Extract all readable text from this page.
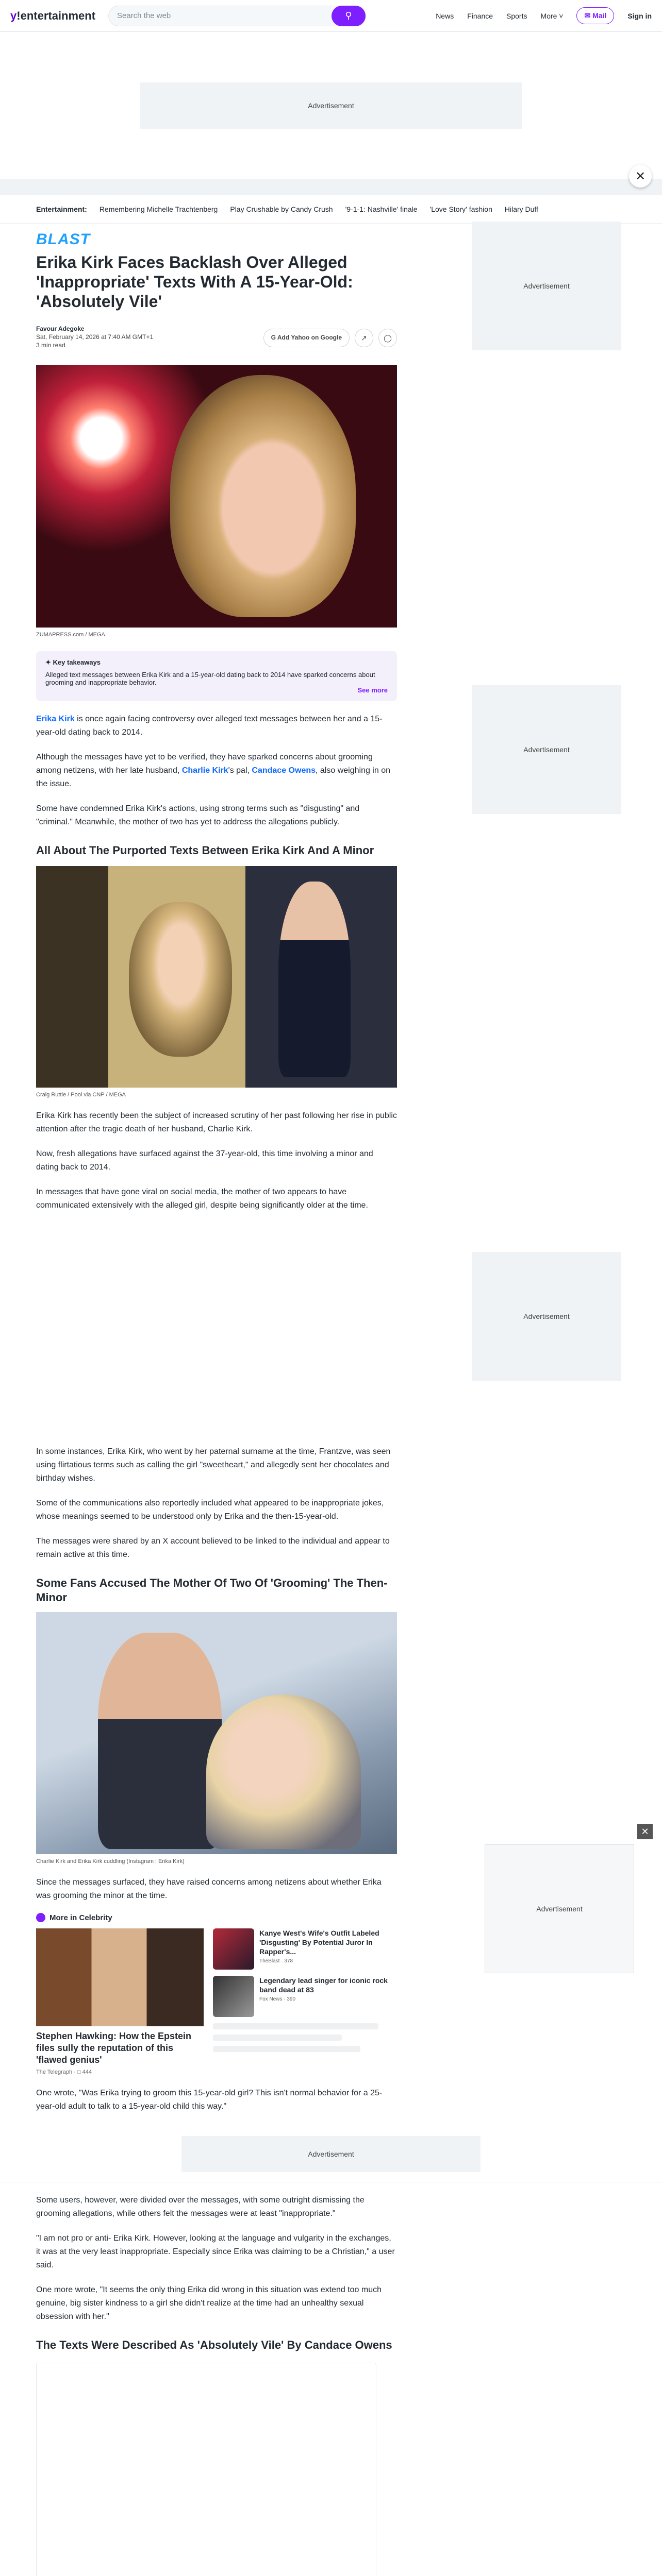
y!entertainment	Search the web	⚲	News Finance Sports More ˅	✉ Mail	Sign in
Advertisement
Entertainment: Remembering Michelle Trachtenberg Play Crushable by Candy Crush '9-1-1: Nashville' finale 'Love Story' fashion Hilary Duff
✕
BLAST
Erika Kirk Faces Backlash Over Alleged 'Inappropriate' Texts With A 15-Year-Old: 'Absolutely Vile'
Favour Adegoke
Sat, February 14, 2026 at 7:40 AM GMT+1
3 min read
G Add Yahoo on Google	↗	◯
ZUMAPRESS.com / MEGA
✦ Key takeaways
Alleged text messages between Erika Kirk and a 15-year-old dating back to 2014 have sparked concerns about grooming and inappropriate behavior.
See more

Erika Kirk is once again facing controversy over alleged text messages between her and a 15-year-old dating back to 2014.

Although the messages have yet to be verified, they have sparked concerns about grooming among netizens, with her late husband, Charlie Kirk's pal, Candace Owens, also weighing in on the issue.

Some have condemned Erika Kirk's actions, using strong terms such as "disgusting" and "criminal." Meanwhile, the mother of two has yet to address the allegations publicly.

All About The Purported Texts Between Erika Kirk And A Minor
Craig Ruttle / Pool via CNP / MEGA

Erika Kirk has recently been the subject of increased scrutiny of her past following her rise in public attention after the tragic death of her husband, Charlie Kirk.

Now, fresh allegations have surfaced against the 37-year-old, this time involving a minor and dating back to 2014.

In messages that have gone viral on social media, the mother of two appears to have communicated extensively with the alleged girl, despite being significantly older at the time.

In some instances, Erika Kirk, who went by her paternal surname at the time, Frantzve, was seen using flirtatious terms such as calling the girl "sweetheart," and allegedly sent her chocolates and birthday wishes.

Some of the communications also reportedly included what appeared to be inappropriate jokes, whose meanings seemed to be understood only by Erika and the then-15-year-old.

The messages were shared by an X account believed to be linked to the individual and appear to remain active at this time.

Some Fans Accused The Mother Of Two Of 'Grooming' The Then-Minor
Charlie Kirk and Erika Kirk cuddling (Instagram | Erika Kirk)

Since the messages surfaced, they have raised concerns among netizens about whether Erika was grooming the minor at the time.

More in Celebrity
Stephen Hawking: How the Epstein files sully the reputation of this 'flawed genius'
The Telegraph · □ 444
Kanye West's Wife's Outfit Labeled 'Disgusting' By Potential Juror In Rapper's...
TheBlast · 378
Legendary lead singer for iconic rock band dead at 83
Fox News · 390

One wrote, "Was Erika trying to groom this 15-year-old girl? This isn't normal behavior for a 25-year-old adult to talk to a 15-year-old child this way."

Advertisement

Some users, however, were divided over the messages, with some outright dismissing the grooming allegations, while others felt the messages were at least "inappropriate."

"I am not pro or anti- Erika Kirk. However, looking at the language and vulgarity in the exchanges, it was at the very least inappropriate. Especially since Erika was claiming to be a Christian," a user said.

One more wrote, "It seems the only thing Erika did wrong in this situation was extend too much genuine, big sister kindness to a girl she didn't realize at the time had an unhealthy sexual obsession with her."

The Texts Were Described As 'Absolutely Vile' By Candace Owens

Advertisement
Advertisement
Advertisement
✕
Advertisement
